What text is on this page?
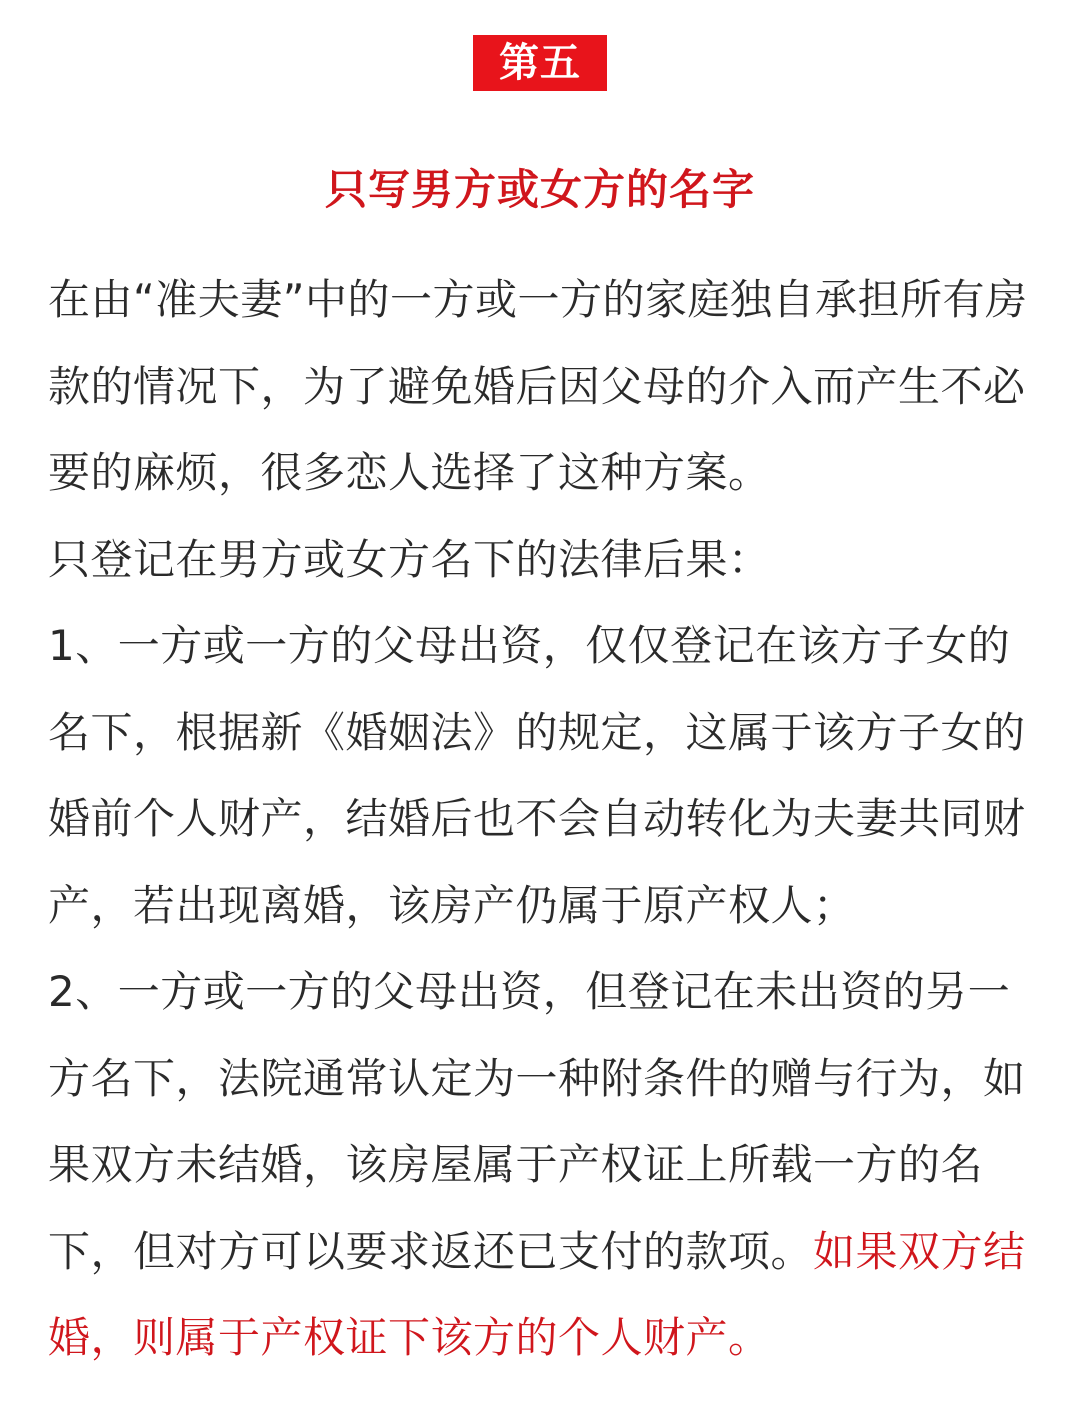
第五
只写男方或女方的名字

在由“准夫妻”中的一方或一方的家庭独自承担所有房款的情况下，为了避免婚后因父母的介入而产生不必要的麻烦，很多恋人选择了这种方案。

只登记在男方或女方名下的法律后果：

1、一方或一方的父母出资，仅仅登记在该方子女的名下，根据新《婚姻法》的规定，这属于该方子女的婚前个人财产，结婚后也不会自动转化为夫妻共同财产，若出现离婚，该房产仍属于原产权人；

2、一方或一方的父母出资，但登记在未出资的另一方名下，法院通常认定为一种附条件的赠与行为，如果双方未结婚，该房屋属于产权证上所载一方的名下，但对方可以要求返还已支付的款项。如果双方结婚，则属于产权证下该方的个人财产。
